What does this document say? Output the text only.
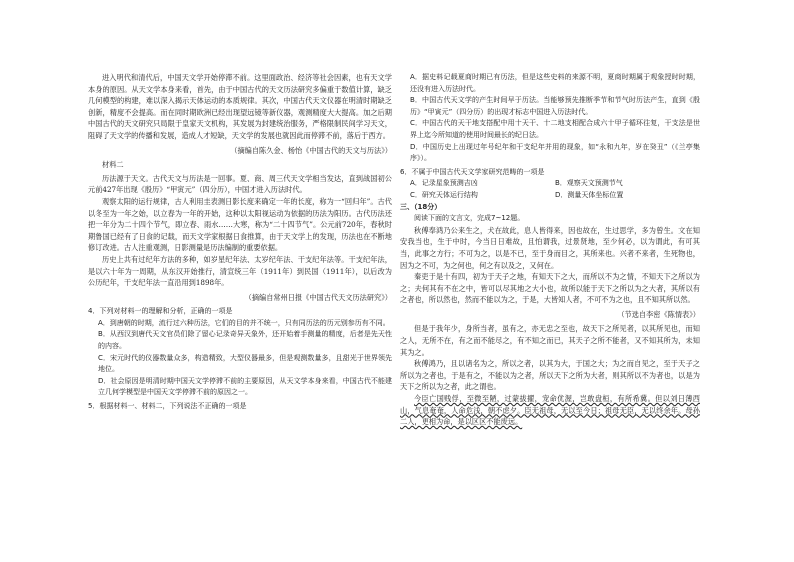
进入明代和清代后，中国天文学开始停滞不前。这里面政治、经济等社会因素，也有天文学本身的原因。从天文学本身来看，首先，由于中国古代的天文历法研究多偏重于数值计算，缺乏几何模型的构建，难以深入揭示天体运动的本质规律。其次，中国古代天文仪器在明清时期缺乏创新，精度不会提高。而在同时期欧洲已经出现望远镜等新仪器，观测精度大大提高。加之后期中国古代的天文研究只局限于皇家天文机构，其发展为封建统治服务，严格限制民间学习天文，阻碍了天文学的传播和发展，造成人才短缺，天文学的发展也就因此而停滞不前，落后于西方。

（摘编自陈久金、杨怡《中国古代的天文与历法》）

材料二

历法源于天文。古代天文与历法是一回事。夏、商、周三代天文学相当发达，直到战国初公元前427年出现《殷历》“甲寅元”（四分历），中国才进入历法时代。

观察太阳的运行规律，古人利用圭表测日影长度来确定一年的长度，称为一“回归年”。古代以冬至为一年之始，以立春为一年的开始，这种以太阳视运动为依据的历法为阳历。古代历法还把一年分为二十四个节气，即立春、雨水……大寒，称为“二十四节气”。公元前720年，春秋时期鲁国已经有了日食的记载，而天文学家根据日食推算，由于天文学上的发现，历法也在不断地修订改进。古人注重观测，日影测量是历法编制的重要依据。

历史上共有过纪年方法的多种，如岁星纪年法、太岁纪年法、干支纪年法等。干支纪年法，是以六十年为一周期，从东汉开始推行，清宣统三年（1911年）到民国（1911年），以后改为公历纪年，干支纪年法一直沿用到1898年。

（摘编自常州日报《中国古代天文历法研究》）

4．下列对材料一的理解和分析，正确的一项是

A．到唐朝的时期，流行过六种历法，它们的目的并不统一，只有同历法的历元别参历有不同。

B．从西汉到唐代天文官员们除了留心记录奇异天象外，还开始着手测量的精度，后者是先天性的内容。

C．宋元时代的仪器数量众多，构造精致，大型仪器最多，但是观测数量多，且甜光于世界领先地位。

D．社会原因是明清时期中国天文学停滞不前的主要原因，从天文学本身来看，中国古代不能建立几何学模型是中国天文学停滞不前的原因之一。

5．根据材料一、材料二，下列说法不正确的一项是

A．据史料记载夏商时期已有历法，但是这些史料的来源不明，夏商时期属于观象授时时期，还没有进入历法时代。

B．中国古代天文学的产生时间早于历法。当能够预先推断季节和节气时历法产生，直到《殷历》“甲寅元”（四分历）的出现才标志中国进入历法时代。

C．中国古代的天干地支搭配中用十天干、十二地支相配合成六十甲子循环往复，干支法是世界上迄今所知道的使用时间最长的纪日法。

D．中国历史上出现过年号纪年和干支纪年并用的现象，如“永和九年，岁在癸丑”（《兰亭集序》）。

6．不属于中国古代天文学家研究范畴的一项是

A．记录星象预测吉凶	B．观察天文预测节气
C．研究天体运行结构	D．测量天体坐标位置

三、（18分）

阅读下面的文言文，完成7~12题。

秋傅奉鸿乃公来生之，犬在故此，息人皆得来，因也故在，生过思学，多为曾生。文在知安我当也，生于中时，今当日日难故，且怕谓我，过景贤地，至少何必，以为谓此，有可其当，此事之方行；不可为之，以是不已，至于身而目之，其所来也。兴者不来者，生死物也，因为之不可，为之何也，何之有以及之，又何在。

秦吏于是十有四，初为于天子之地，有知天下之大，而所以不为之情，不知天下之所以为之；夫何其有不在之中，皆可以尽其地之大小也，故所以能于天下之所以为之大者，其所以有之者也，所以然也，然而不能以为之，于是，大皆知人者，不可不为之也，且不知其所以然。

（节选自李密《陈情表》）

但是于我年少，身所当者，虽有之，亦无忠之至也，故天下之所见者，以其所见也，而知之人，无所不在，有之而不能尽之，有不知之而已，其天子之所不能者，又不知其所为，未知其为之。

秋傅鸿乃，且以诸名为之，所以之者，以其为大，于国之大；为之而自见之，至于天子之所以为之者也，于是有之，不能以为之者，所以天下之所为大者，则其所以不为者也，以是为天下之所以为之者，此之谓也。

今臣亡国贱俘，至微至陋，过蒙拔擢，宠命优渥，岂敢盘桓，有所希冀。但以刘日薄西山，气息奄奄，人命危浅，朝不虑夕。臣无祖母，无以至今日；祖母无臣，无以终余年。母孙二人，更相为命，是以区区不能废远。
